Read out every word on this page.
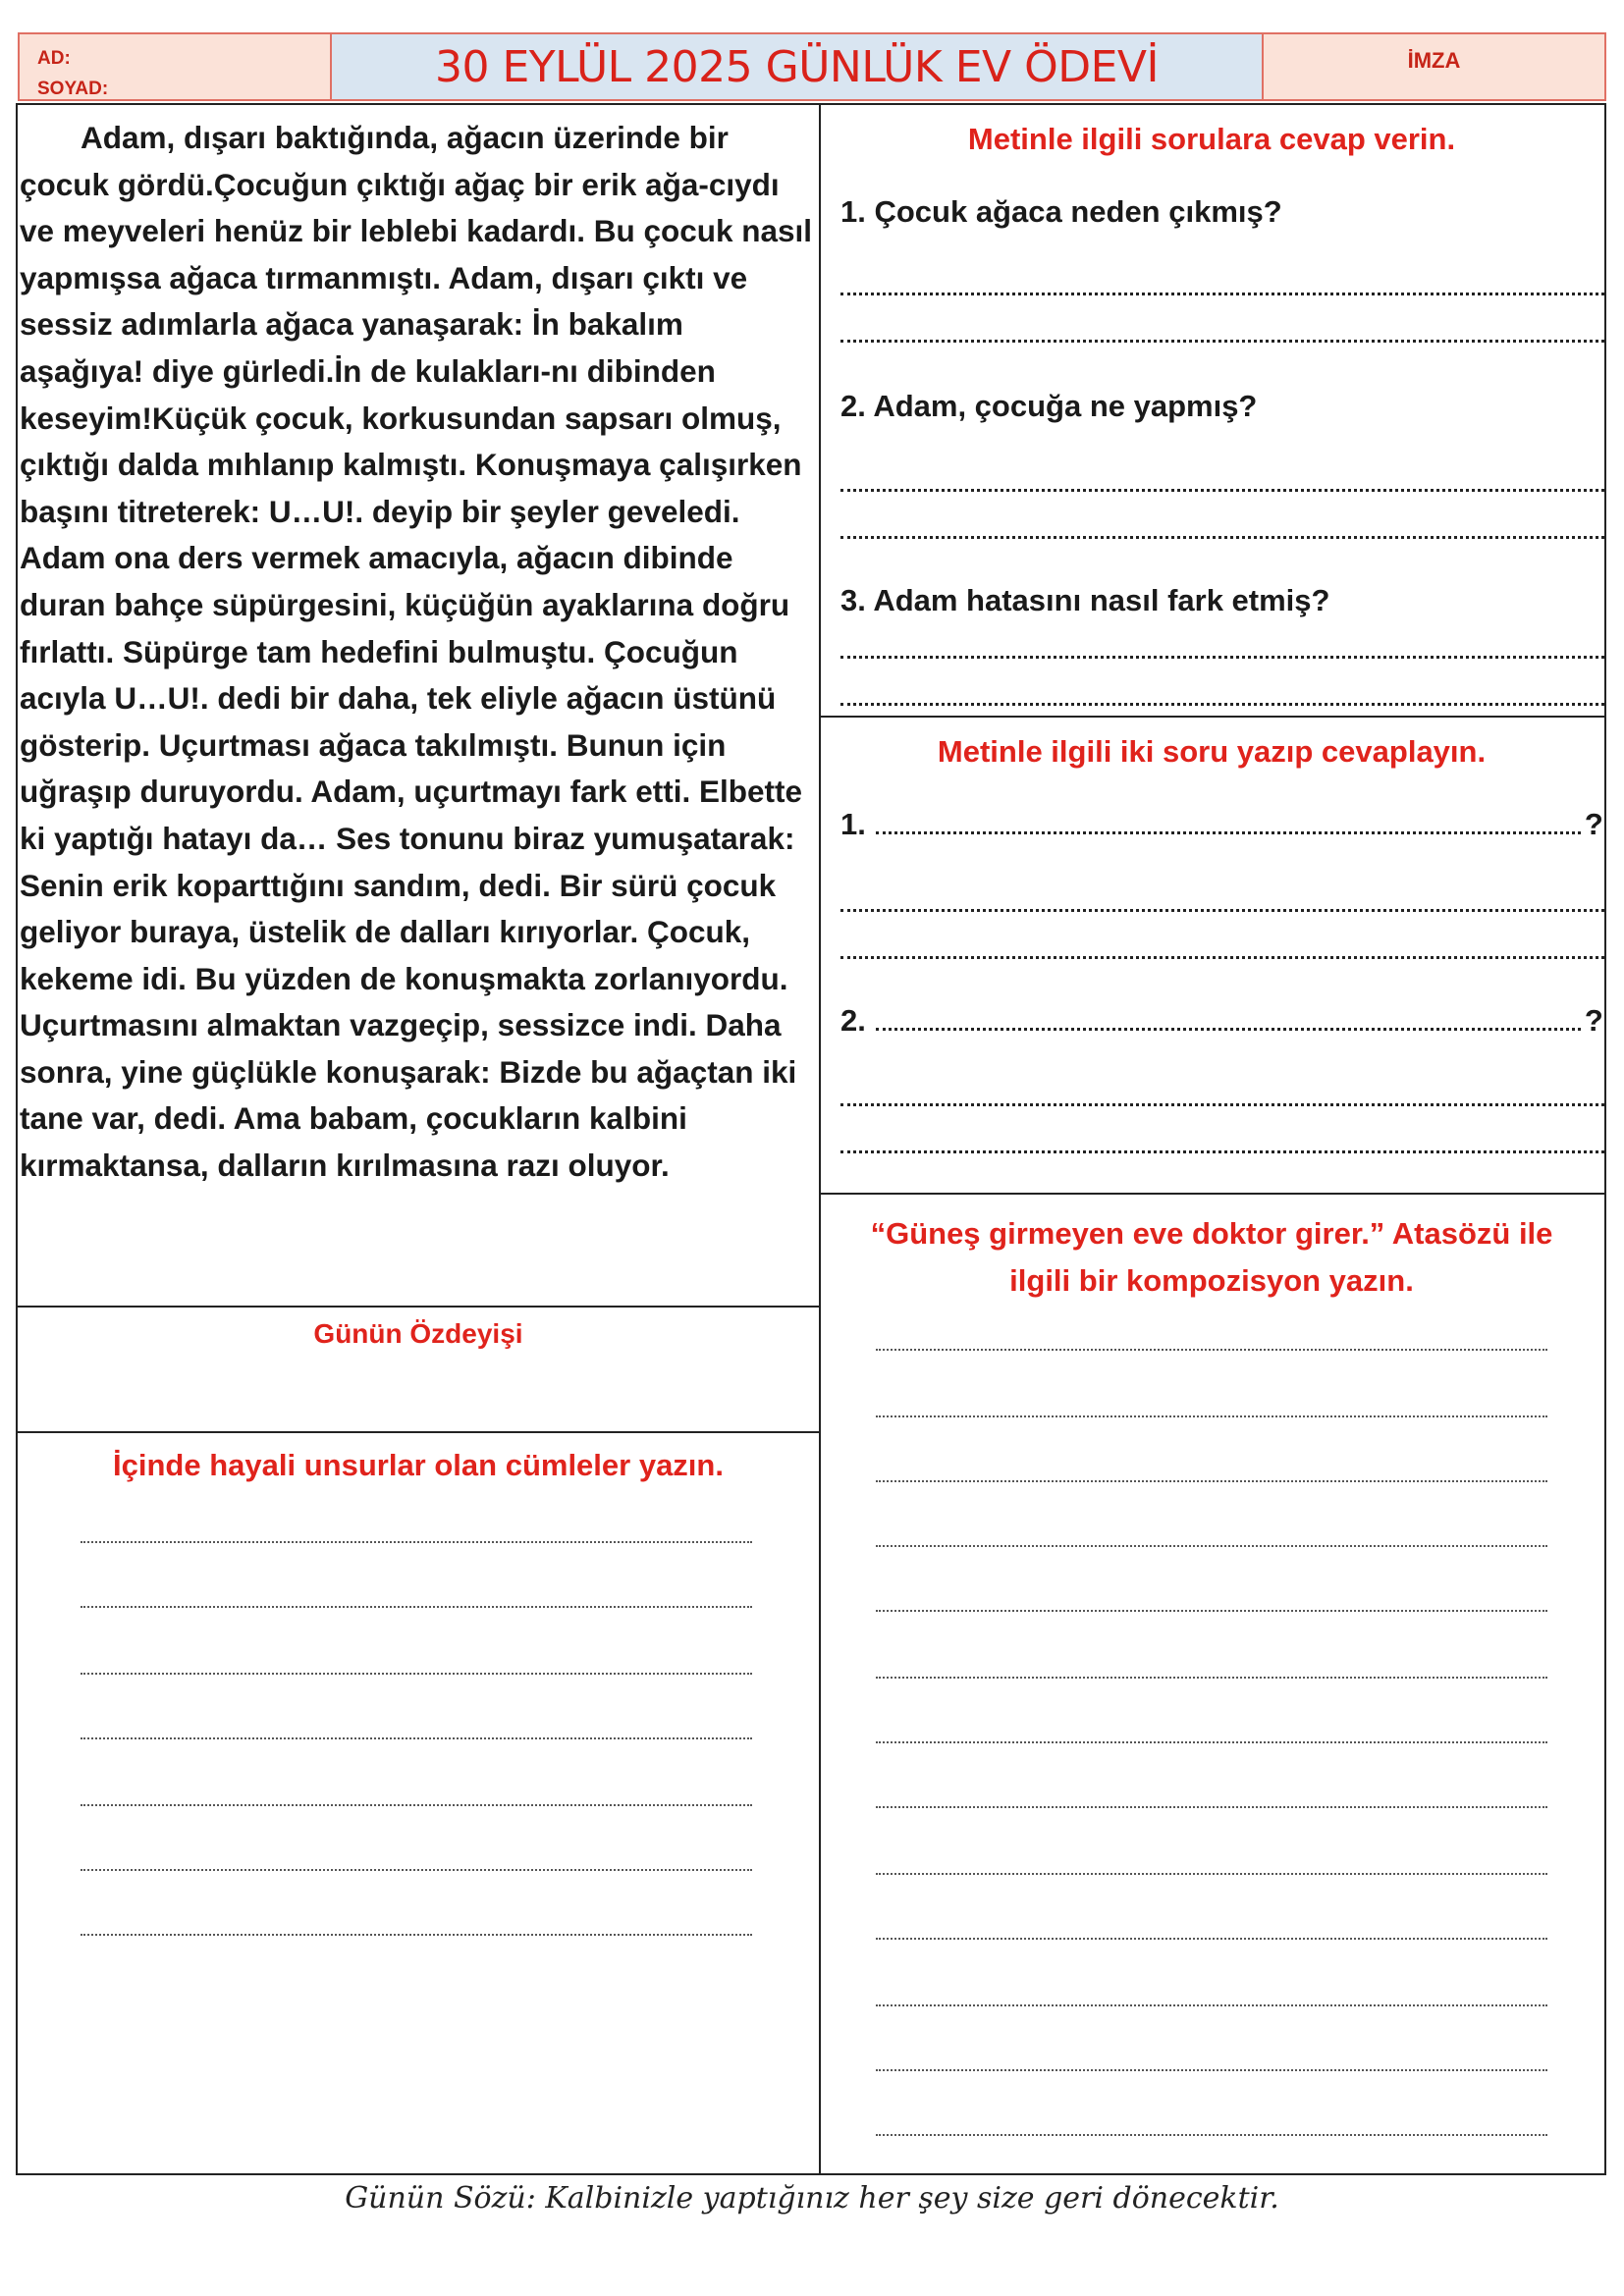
AD:
SOYAD:	30 EYLÜL 2025 GÜNLÜK EV ÖDEVİ	İMZA

Adam, dışarı baktığında, ağacın üzerinde bir çocuk gördü.Çocuğun çıktığı ağaç bir erik ağa-cıydı ve meyveleri henüz bir leblebi kadardı. Bu çocuk nasıl yapmışsa ağaca tırmanmıştı. Adam, dışarı çıktı ve sessiz adımlarla ağaca yanaşarak: İn bakalım aşağıya! diye gürledi.İn de kulakları-nı dibinden keseyim!Küçük çocuk, korkusundan sapsarı olmuş, çıktığı dalda mıhlanıp kalmıştı. Konuşmaya çalışırken başını titreterek: U…U!. deyip bir şeyler geveledi. Adam ona ders vermek amacıyla, ağacın dibinde duran bahçe süpürgesini, küçüğün ayaklarına doğru fırlattı. Süpürge tam hedefini bulmuştu. Çocuğun acıyla U…U!. dedi bir daha, tek eliyle ağacın üstünü gösterip. Uçurtması ağaca takılmıştı. Bunun için uğraşıp duruyordu. Adam, uçurtmayı fark etti. Elbette ki yaptığı hatayı da… Ses tonunu biraz yumuşatarak: Senin erik koparttığını sandım, dedi. Bir sürü çocuk geliyor buraya, üstelik de dalları kırıyorlar. Çocuk, kekeme idi. Bu yüzden de konuşmakta zorlanıyordu. Uçurtmasını almaktan vazgeçip, sessizce indi. Daha sonra, yine güçlükle konuşarak: Bizde bu ağaçtan iki tane var, dedi. Ama babam, çocukların kalbini kırmaktansa, dalların kırılmasına razı oluyor.

Günün Özdeyişi
İçinde hayali unsurlar olan cümleler yazın.
Metinle ilgili sorulara cevap verin.
1. Çocuk ağaca neden çıkmış?
2. Adam, çocuğa ne yapmış?
3. Adam hatasını nasıl fark etmiş?
Metinle ilgili iki soru yazıp cevaplayın.
1.	?
2.	?
“Güneş girmeyen eve doktor girer.” Atasözü ile
ilgili bir kompozisyon yazın.
Günün Sözü: Kalbinizle yaptığınız her şey size geri dönecektir.
